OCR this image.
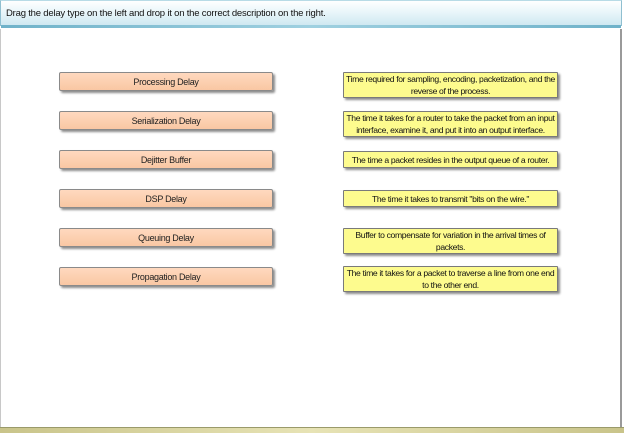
Drag the delay type on the left and drop it on the correct description on the right.
Processing Delay
Serialization Delay
Dejitter Buffer
DSP Delay
Queuing Delay
Propagation Delay
Time required for sampling, encoding, packetization, and the reverse of the process.
The time it takes for a router to take the packet from an input interface, examine it, and put it into an output interface.
The time a packet resides in the output queue of a router.
The time it takes to transmit "bits on the wire."
Buffer to compensate for variation in the arrival times of packets.
The time it takes for a packet to traverse a line from one end to the other end.
